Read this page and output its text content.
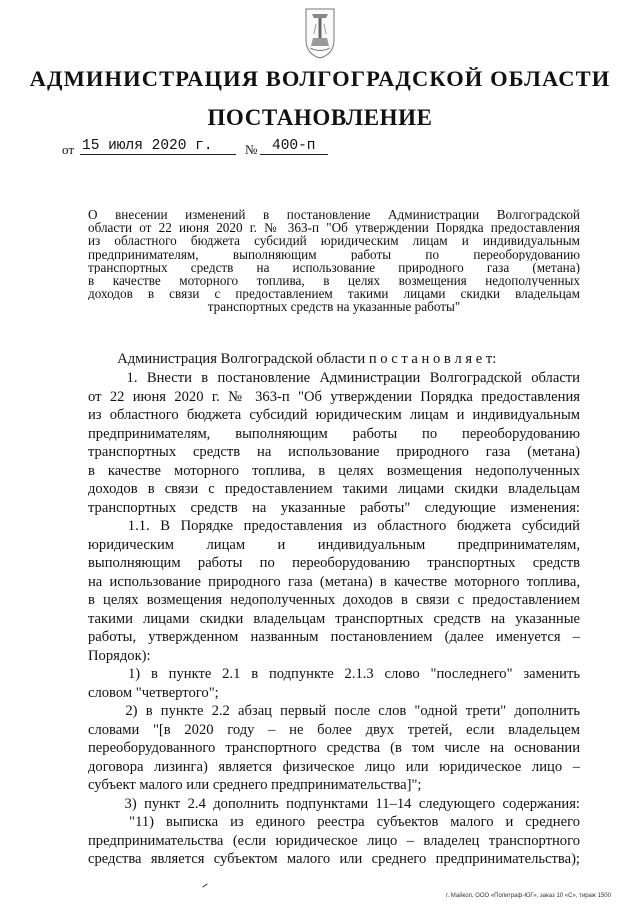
АДМИНИСТРАЦИЯ ВОЛГОГРАДСКОЙ ОБЛАСТИ
ПОСТАНОВЛЕНИЕ
от 15 июля 2020 г. № 400-п
О внесении изменений в постановление Администрации Волгоградской
области от 22 июня 2020 г. № 363-п "Об утверждении Порядка предоставления
из областного бюджета субсидий юридическим лицам и индивидуальным
предпринимателям, выполняющим работы по переоборудованию
транспортных средств на использование природного газа (метана)
в качестве моторного топлива, в целях возмещения недополученных
доходов в связи с предоставлением такими лицами скидки владельцам
транспортных средств на указанные работы"
  Администрация Волгоградской области п о с т а н о в л я е т:
   1. Внести в постановление Администрации Волгоградской области
от 22 июня 2020 г. № 363-п "Об утверждении Порядка предоставления
из областного бюджета субсидий юридическим лицам и индивидуальным
предпринимателям, выполняющим работы по переоборудованию
транспортных средств на использование природного газа (метана)
в качестве моторного топлива, в целях возмещения недополученных
доходов в связи с предоставлением такими лицами скидки владельцам
транспортных средств на указанные работы" следующие изменения:
   1.1. В Порядке предоставления из областного бюджета субсидий
юридическим лицам и индивидуальным предпринимателям,
выполняющим работы по переоборудованию транспортных средств
на использование природного газа (метана) в качестве моторного топлива,
в целях возмещения недополученных доходов в связи с предоставлением
такими лицами скидки владельцам транспортных средств на указанные
работы, утвержденном названным постановлением (далее именуется –
Порядок):
   1) в пункте 2.1 в подпункте 2.1.3 слово "последнего" заменить
словом "четвертого";
   2) в пункте 2.2 абзац первый после слов "одной трети" дополнить
словами "[в 2020 году – не более двух третей, если владельцем
переоборудованного транспортного средства (в том числе на основании
договора лизинга) является физическое лицо или юридическое лицо –
субъект малого или среднего предпринимательства]";
   3) пункт 2.4 дополнить подпунктами 11–14 следующего содержания:
   "11) выписка из единого реестра субъектов малого и среднего
предпринимательства (если юридическое лицо – владелец транспортного
средства является субъектом малого или среднего предпринимательства);
г. Майкоп, ООО «Полиграф-ЮГ», заказ 10 «С», тираж 1500
